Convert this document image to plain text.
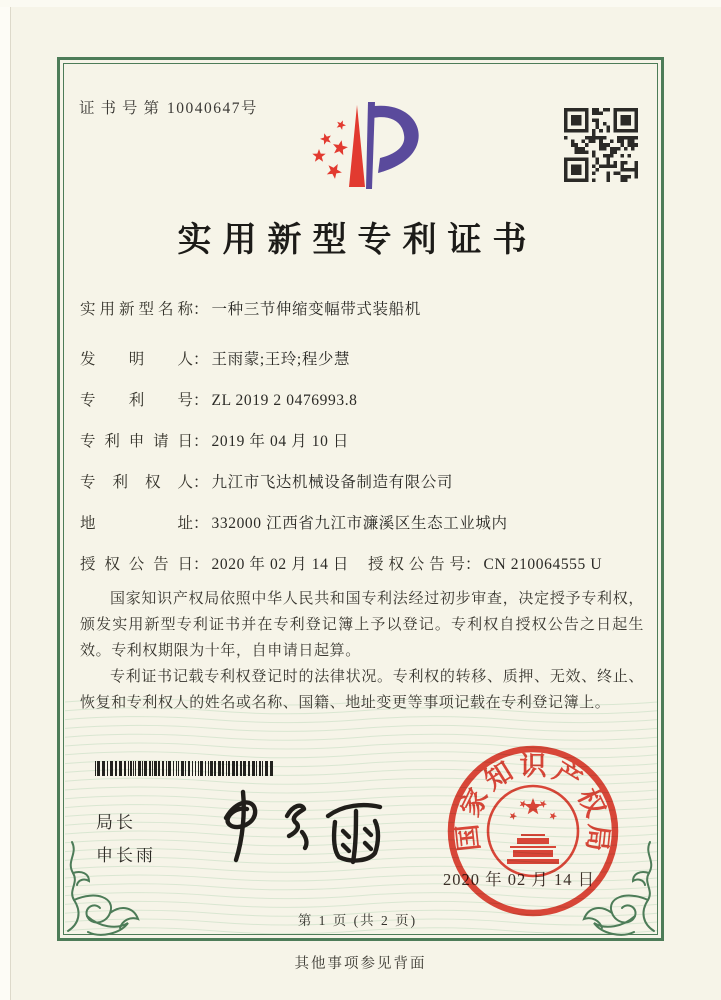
证书号第 10040647号
实用新型专利证书
实用新型名称： 一种三节伸缩变幅带式装船机
发明人： 王雨蒙;王玲;程少慧
专利号： ZL 2019 2 0476993.8
专利申请日： 2019 年 04 月 10 日
专利权人： 九江市飞达机械设备制造有限公司
地址： 332000 江西省九江市濂溪区生态工业城内
授权公告日： 2020 年 02 月 14 日 授权公告号： CN 210064555 U

国家知识产权局依照中华人民共和国专利法经过初步审查，决定授予专利权，颁发实用新型专利证书并在专利登记簿上予以登记。专利权自授权公告之日起生效。专利权期限为十年，自申请日起算。

专利证书记载专利权登记时的法律状况。专利权的转移、质押、无效、终止、恢复和专利权人的姓名或名称、国籍、地址变更等事项记载在专利登记簿上。

局长
申长雨
2020 年 02 月 14 日
国
家
知 识 产
权
局
第 1 页 (共 2 页)
其他事项参见背面
